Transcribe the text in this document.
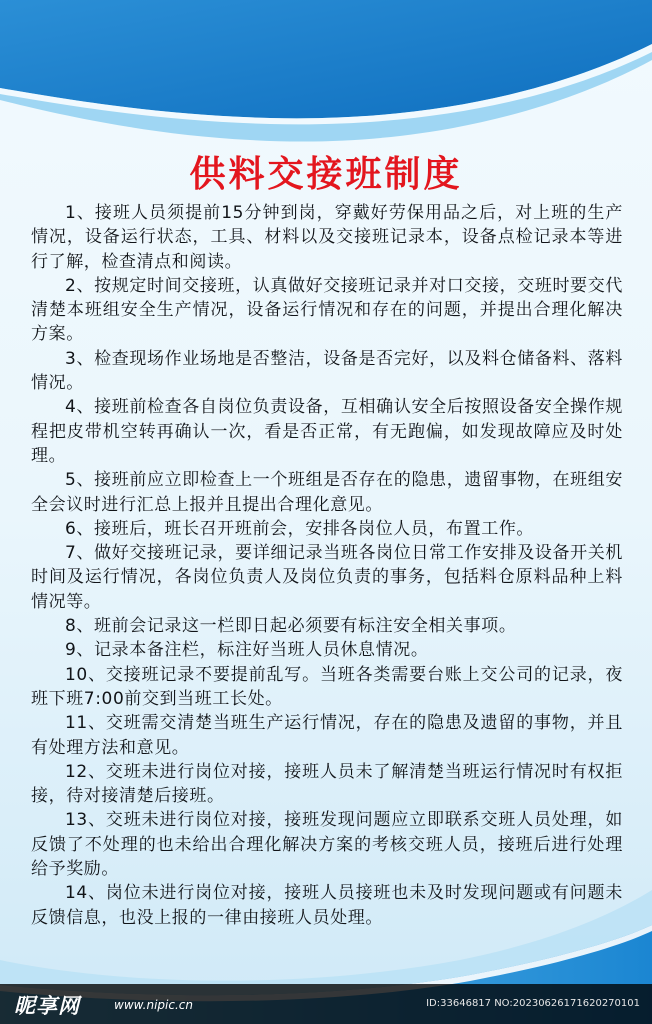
供料交接班制度

1、接班人员须提前15分钟到岗，穿戴好劳保用品之后，对上班的生产情况，设备运行状态，工具、材料以及交接班记录本，设备点检记录本等进行了解，检查清点和阅读。

2、按规定时间交接班，认真做好交接班记录并对口交接，交班时要交代清楚本班组安全生产情况，设备运行情况和存在的问题，并提出合理化解决方案。

3、检查现场作业场地是否整洁，设备是否完好，以及料仓储备料、落料情况。

4、接班前检查各自岗位负责设备，互相确认安全后按照设备安全操作规程把皮带机空转再确认一次，看是否正常，有无跑偏，如发现故障应及时处理。

5、接班前应立即检查上一个班组是否存在的隐患，遗留事物，在班组安全会议时进行汇总上报并且提出合理化意见。

6、接班后，班长召开班前会，安排各岗位人员，布置工作。

7、做好交接班记录，要详细记录当班各岗位日常工作安排及设备开关机时间及运行情况，各岗位负责人及岗位负责的事务，包括料仓原料品种上料情况等。

8、班前会记录这一栏即日起必须要有标注安全相关事项。

9、记录本备注栏，标注好当班人员休息情况。

10、交接班记录不要提前乱写。当班各类需要台账上交公司的记录，夜班下班7:00前交到当班工长处。

11、交班需交清楚当班生产运行情况，存在的隐患及遗留的事物，并且有处理方法和意见。

12、交班未进行岗位对接，接班人员未了解清楚当班运行情况时有权拒接，待对接清楚后接班。

13、交班未进行岗位对接，接班发现问题应立即联系交班人员处理，如反馈了不处理的也未给出合理化解决方案的考核交班人员，接班后进行处理给予奖励。

14、岗位未进行岗位对接，接班人员接班也未及时发现问题或有问题未反馈信息，也没上报的一律由接班人员处理。

昵享网	www.nipic.cn	ID:33646817 NO:20230626171620270101
